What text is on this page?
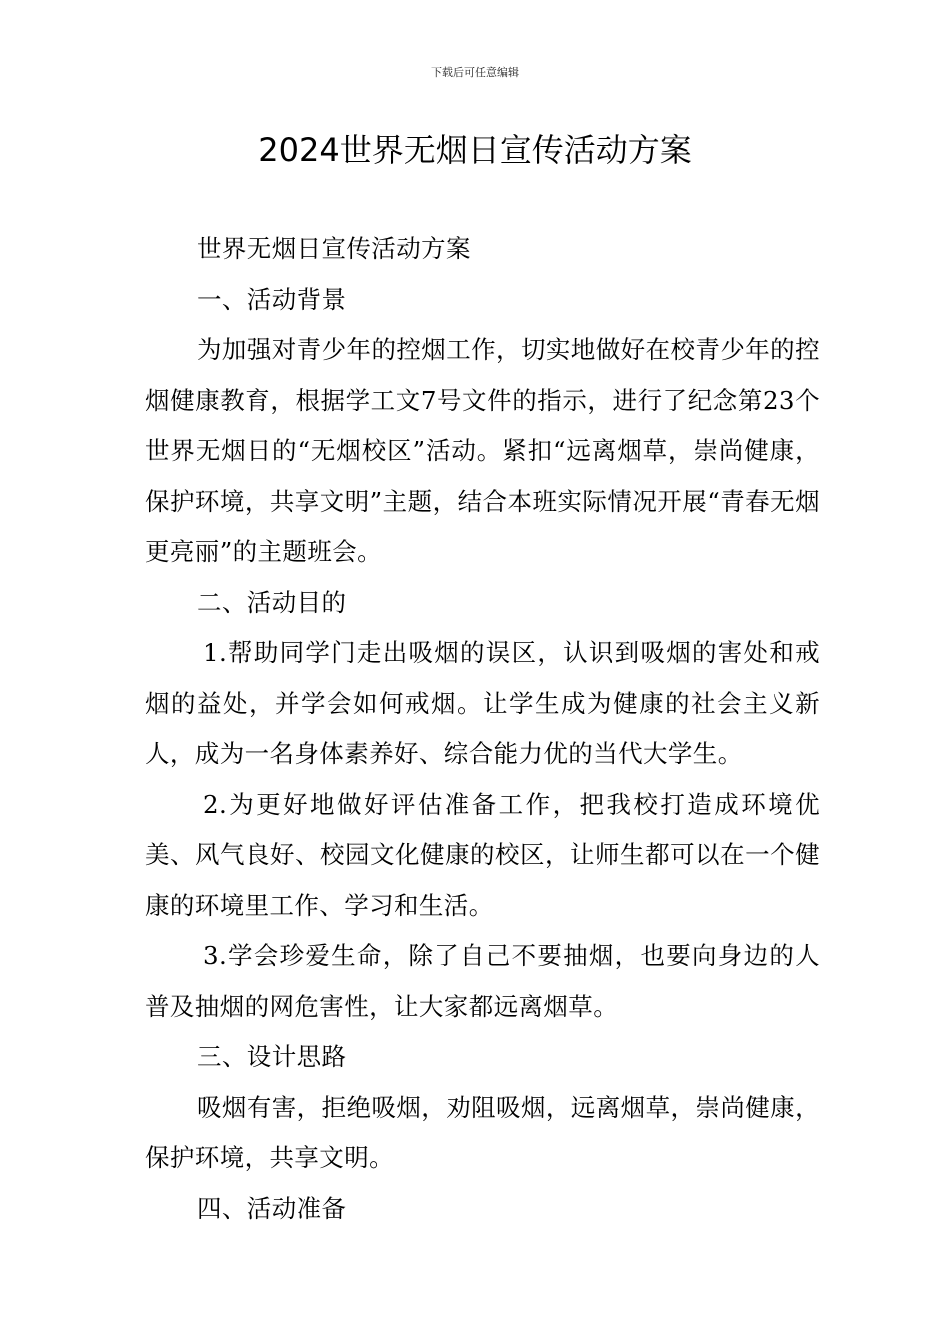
下载后可任意编辑
2024世界无烟日宣传活动方案

世界无烟日宣传活动方案

一、活动背景

为加强对青少年的控烟工作，切实地做好在校青少年的控烟健康教育，根据学工文7号文件的指示，进行了纪念第23个世界无烟日的“无烟校区”活动。紧扣“远离烟草，崇尚健康，保护环境，共享文明”主题，结合本班实际情况开展“青春无烟更亮丽”的主题班会。

二、活动目的

1.帮助同学门走出吸烟的误区，认识到吸烟的害处和戒烟的益处，并学会如何戒烟。让学生成为健康的社会主义新人，成为一名身体素养好、综合能力优的当代大学生。

2.为更好地做好评估准备工作，把我校打造成环境优美、风气良好、校园文化健康的校区，让师生都可以在一个健康的环境里工作、学习和生活。

3.学会珍爱生命，除了自己不要抽烟，也要向身边的人普及抽烟的网危害性，让大家都远离烟草。

三、设计思路

吸烟有害，拒绝吸烟，劝阻吸烟，远离烟草，崇尚健康，保护环境，共享文明。

四、活动准备
